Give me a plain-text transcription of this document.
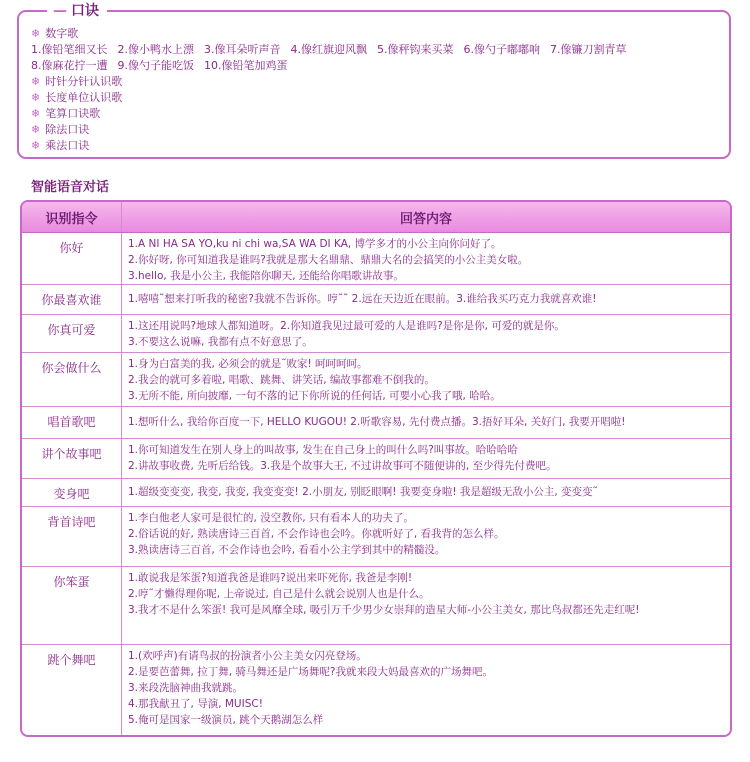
— 口诀
❄ 数字歌
1.像铅笔细又长 2.像小鸭水上漂 3.像耳朵听声音 4.像红旗迎风飘 5.像秤钩来买菜 6.像勺子嘟嘟响 7.像镰刀割青草
8.像麻花拧一遭 9.像勺子能吃饭 10.像铅笔加鸡蛋
❄ 时针分针认识歌
❄ 长度单位认识歌
❄ 笔算口诀歌
❄ 除法口诀
❄ 乘法口诀
智能语音对话
识别指令	回答内容
你好	1.A NI HA SA YO,ku ni chi wa,SA WA DI KA, 博学多才的小公主向你问好了。
2.你好呀, 你可知道我是谁吗?我就是那大名鼎鼎、鼎鼎大名的会搞笑的小公主美女啦。
3.hello, 我是小公主, 我能陪你聊天, 还能给你唱歌讲故事。
你最喜欢谁	1.嘻嘻˜想来打听我的秘密?我就不告诉你。哼˜˜ 2.远在天边近在眼前。3.谁给我买巧克力我就喜欢谁!
你真可爱	1.这还用说吗?地球人都知道呀。2.你知道我见过最可爱的人是谁吗?是你是你, 可爱的就是你。
3.不要这么说嘛, 我都有点不好意思了。
你会做什么	1.身为白富美的我, 必须会的就是˜败家! 呵呵呵呵。
2.我会的就可多着啦, 唱歌、跳舞、讲笑话, 编故事都难不倒我的。
3.无所不能, 所向披靡, 一句不落的记下你所说的任何话, 可要小心我了哦, 哈哈。
唱首歌吧	1.想听什么, 我给你百度一下, HELLO KUGOU! 2.听歌容易, 先付费点播。3.捂好耳朵, 关好门, 我要开唱啦!
讲个故事吧	1.你可知道发生在别人身上的叫故事, 发生在自己身上的叫什么吗?叫事故。哈哈哈哈
2.讲故事收费, 先听后给钱。3.我是个故事大王, 不过讲故事可不随便讲的, 至少得先付费吧。
变身吧	1.超级变变变, 我变, 我变, 我变变变! 2.小朋友, 别眨眼啊! 我要变身啦! 我是超级无敌小公主, 变变变˜
背首诗吧	1.李白他老人家可是很忙的, 没空教你, 只有看本人的功夫了。
2.俗话说的好, 熟读唐诗三百首, 不会作诗也会吟。你就听好了, 看我背的怎么样。
3.熟读唐诗三百首, 不会作诗也会吟, 看看小公主学到其中的精髓没。
你笨蛋	1.敢说我是笨蛋?知道我爸是谁吗?说出来吓死你, 我爸是李刚!
2.哼˜才懒得理你呢, 上帝说过, 自己是什么就会说别人也是什么。
3.我才不是什么笨蛋! 我可是风靡全球, 吸引万千少男少女崇拜的造星大师-小公主美女, 那比鸟叔都还先走红呢!
跳个舞吧	1.(欢呼声)有请鸟叔的扮演者小公主美女闪亮登场。
2.是要芭蕾舞, 拉丁舞, 骑马舞还是广场舞呢?我就来段大妈最喜欢的广场舞吧。
3.来段洗脑神曲我就跳。
4.那我献丑了, 导演, MUISC!
5.俺可是国家一级演员, 跳个天鹅湖怎么样
